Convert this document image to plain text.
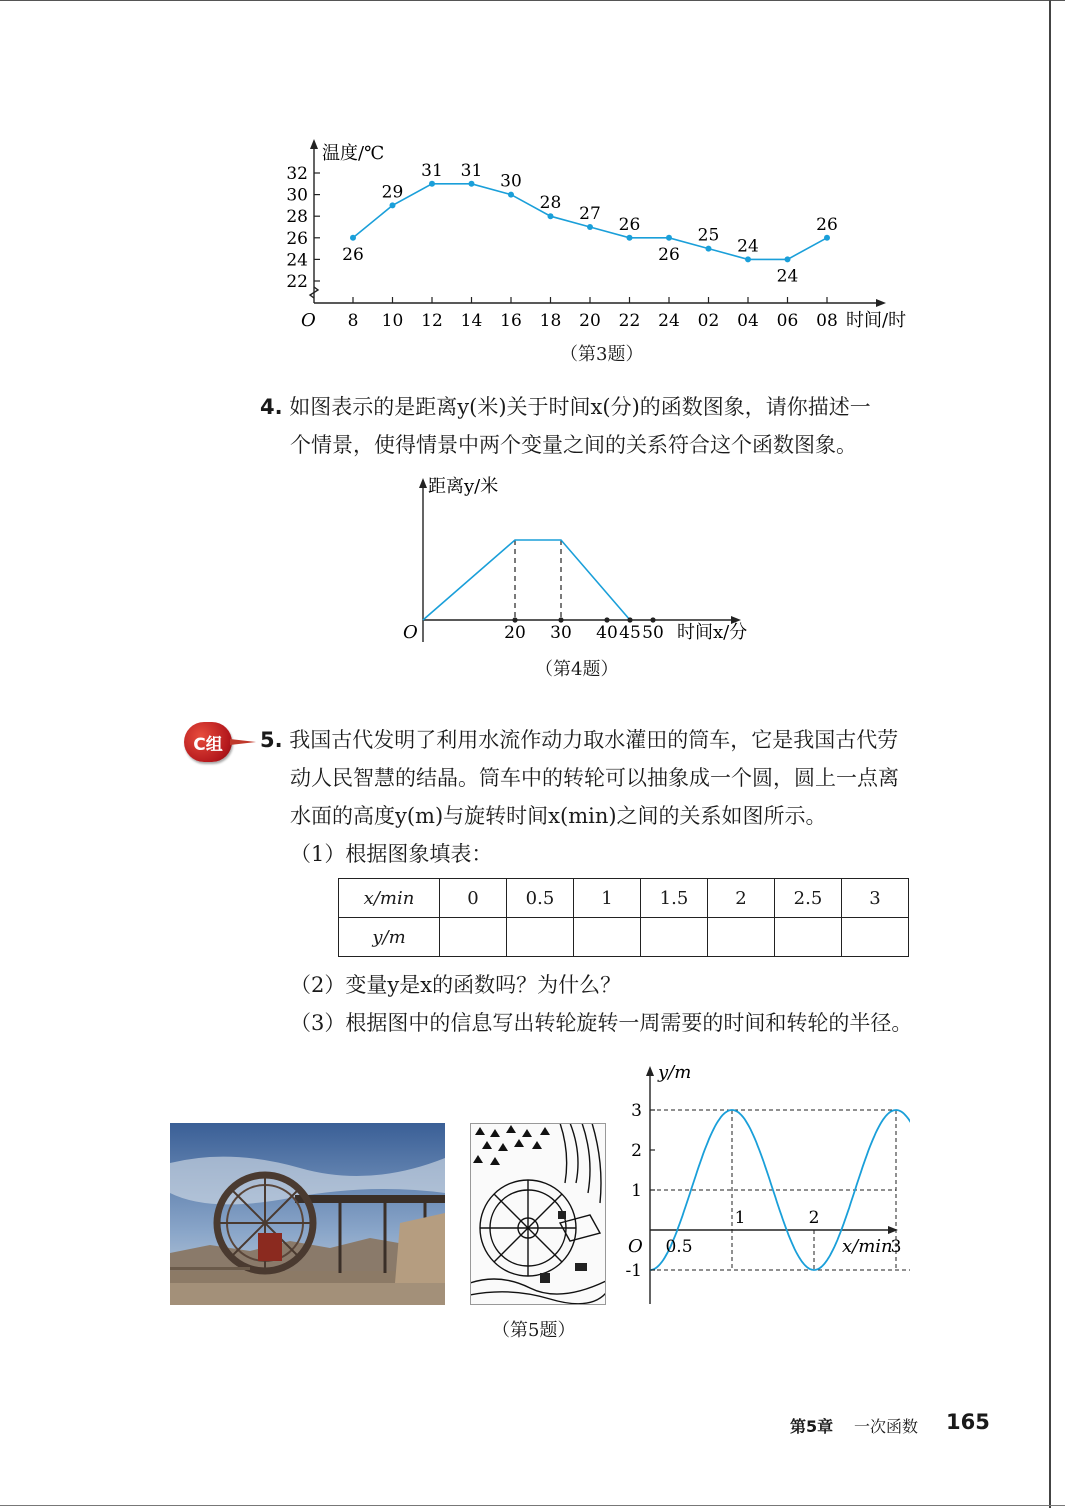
温度/℃
时间/时
O
22
24
26
28
30
32
8 10 12 14 16 18 20 22 24 02 04 06 08
26
29
31 31
30
28
27
26
26
25
24
24
26
（第3题）
4. 如图表示的是距离y(米)关于时间x(分)的函数图象，请你描述一
个情景，使得情景中两个变量之间的关系符合这个函数图象。
距离y/米
时间x/分
O	20 30 40 45 50
（第4题）
C组	5. 我国古代发明了利用水流作动力取水灌田的筒车，它是我国古代劳
动人民智慧的结晶。筒车中的转轮可以抽象成一个圆，圆上一点离
水面的高度y(m)与旋转时间x(min)之间的关系如图所示。
（1）根据图象填表：
x/min	0	0.5	1	1.5	2	2.5	3
y/m							
（2）变量y是x的函数吗？为什么？
（3）根据图中的信息写出转轮旋转一周需要的时间和转轮的半径。
y/m
x/min
O
3
2
1
-1
0.5
1	2
3
（第5题）
第5章 一次函数 165
